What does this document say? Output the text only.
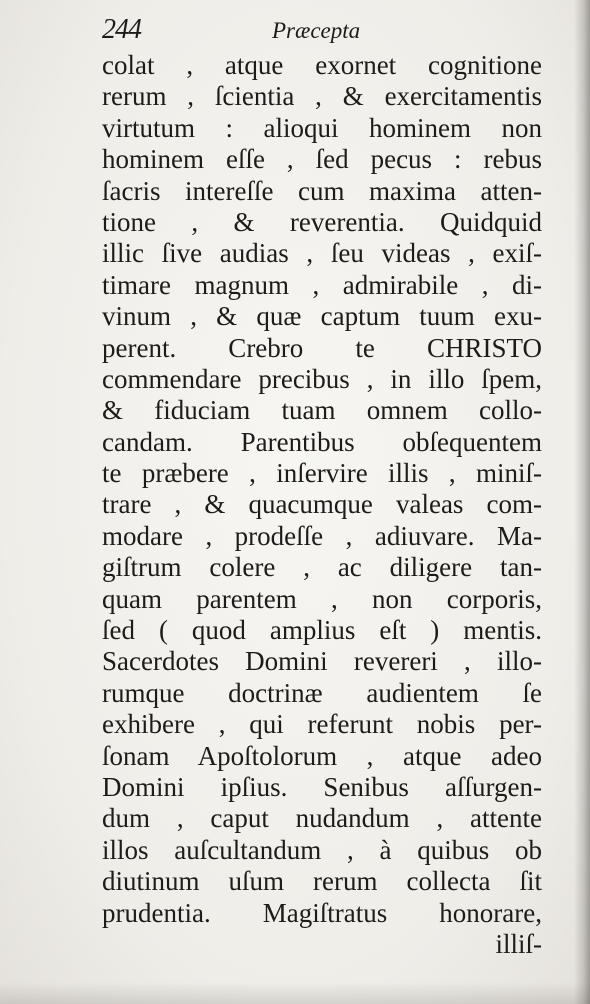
244	Præcepta
colat , atque exornet cognitione
rerum , ſcientia , & exercitamentis
virtutum : alioqui hominem non
hominem eſſe , ſed pecus : rebus
ſacris intereſſe cum maxima atten-
tione , & reverentia. Quidquid
illic ſive audias , ſeu videas , exiſ-
timare magnum , admirabile , di-
vinum , & quæ captum tuum exu-
perent. Crebro te CHRISTO
commendare precibus , in illo ſpem,
& fiduciam tuam omnem collo-
candam. Parentibus obſequentem
te præbere , inſervire illis , miniſ-
trare , & quacumque valeas com-
modare , prodeſſe , adiuvare. Ma-
giſtrum colere , ac diligere tan-
quam parentem , non corporis,
ſed ( quod amplius eſt ) mentis.
Sacerdotes Domini revereri , illo-
rumque doctrinæ audientem ſe
exhibere , qui referunt nobis per-
ſonam Apoſtolorum , atque adeo
Domini ipſius. Senibus aſſurgen-
dum , caput nudandum , attente
illos auſcultandum , à quibus ob
diutinum uſum rerum collecta ſit
prudentia. Magiſtratus honorare,
illiſ-
